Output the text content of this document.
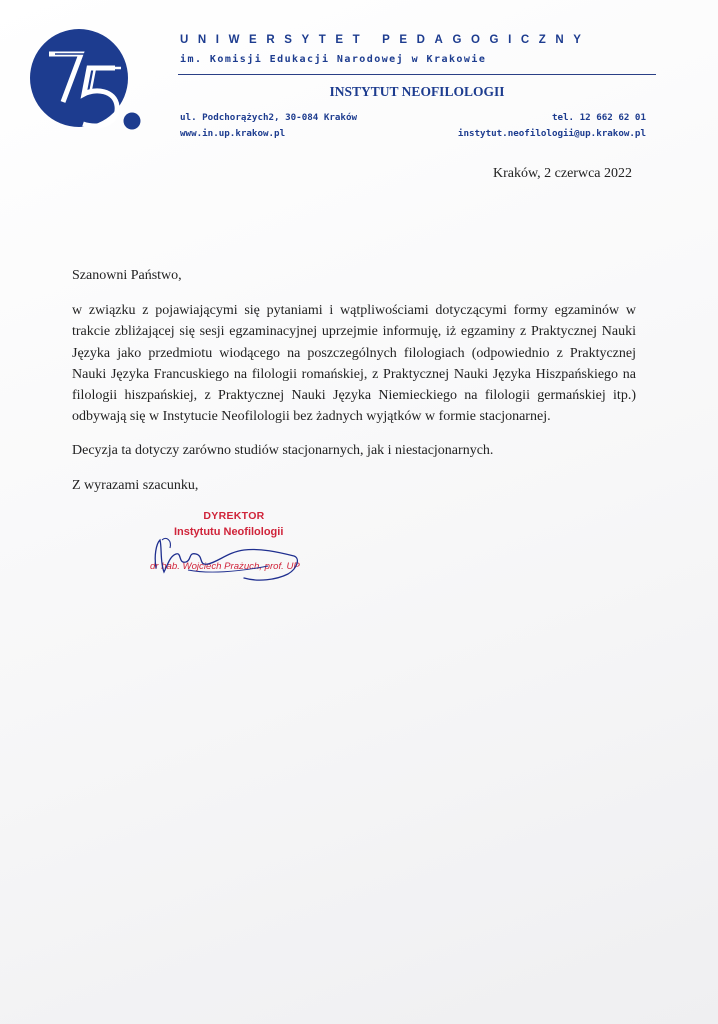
UNIWERSYTET PEDAGOGICZNY
im. Komisji Edukacji Narodowej w Krakowie
INSTYTUT NEOFILOLOGII
ul. Podchorążych2, 30-084 Kraków
www.in.up.krakow.pl
tel. 12 662 62 01
instytut.neofilologii@up.krakow.pl
Kraków, 2 czerwca 2022

Szanowni Państwo,

w związku z pojawiającymi się pytaniami i wątpliwościami dotyczącymi formy egzaminów w trakcie zbliżającej się sesji egzaminacyjnej uprzejmie informuję, iż egzaminy z Praktycznej Nauki Języka jako przedmiotu wiodącego na poszczególnych filologiach (odpowiednio z Praktycznej Nauki Języka Francuskiego na filologii romańskiej, z Praktycznej Nauki Języka Hiszpańskiego na filologii hiszpańskiej, z Praktycznej Nauki Języka Niemieckiego na filologii germańskiej itp.) odbywają się w Instytucie Neofilologii bez żadnych wyjątków w formie stacjonarnej.

Decyzja ta dotyczy zarówno studiów stacjonarnych, jak i niestacjonarnych.

Z wyrazami szacunku,

DYREKTOR
Instytutu Neofilologii
dr hab. Wojciech Prażuch, prof. UP
